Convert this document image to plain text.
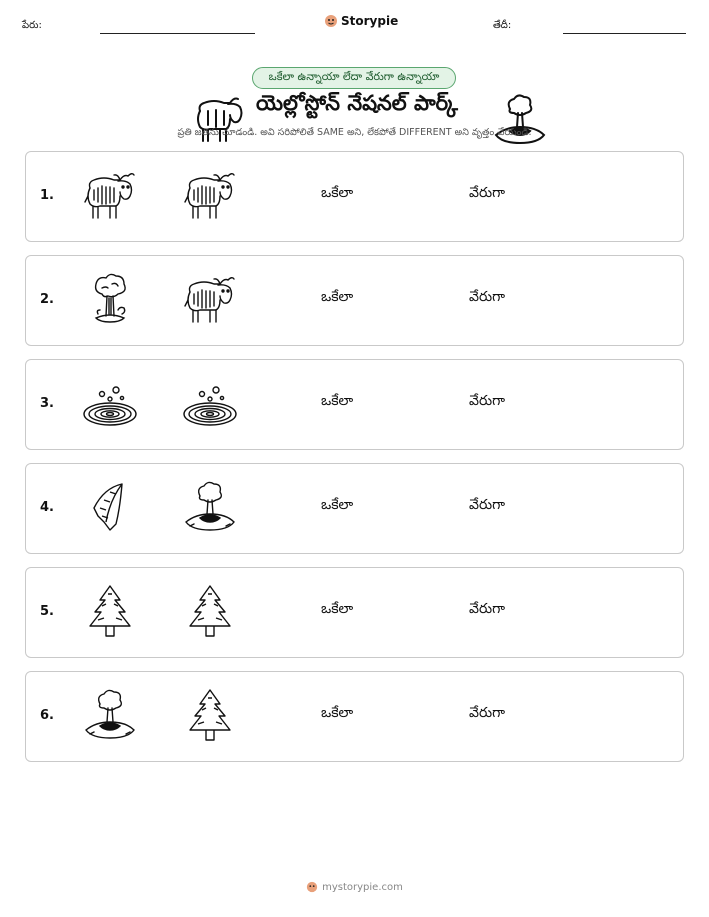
పేరు:	Storypie	తేదీ:
ఒకేలా ఉన్నాయా లేదా వేరుగా ఉన్నాయా
యెల్లోస్టోన్ నేషనల్ పార్క్
ప్రతి జతను చూడండి. అవి సరిపోలితే SAME అని, లేకపోతే DIFFERENT అని వృత్తం చేయండి.
1.	ఒకేలా	వేరుగా
2.	ఒకేలా	వేరుగా
3.	ఒకేలా	వేరుగా
4.	ఒకేలా	వేరుగా
5.	ఒకేలా	వేరుగా
6.	ఒకేలా	వేరుగా
mystorypie.com
